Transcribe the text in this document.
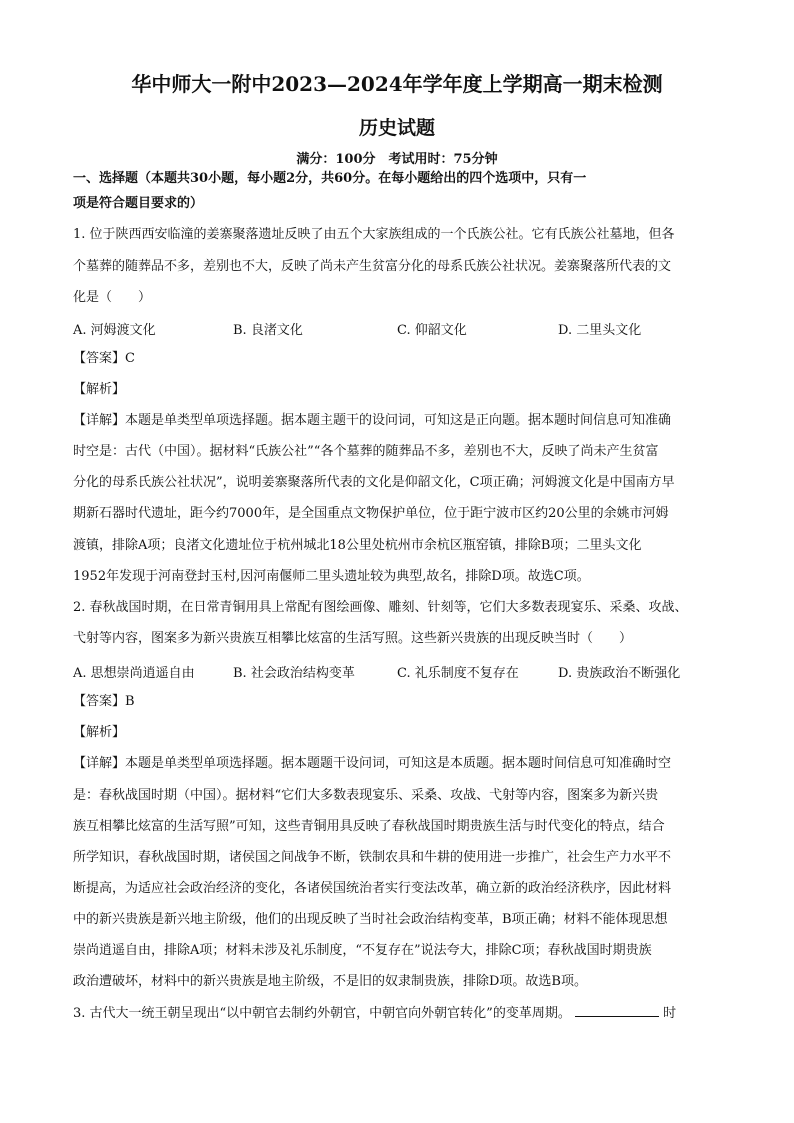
华中师大一附中2023—2024年学年度上学期高一期末检测
历史试题
满分：100分　考试用时：75分钟
一、选择题（本题共30小题，每小题2分，共60分。在每小题给出的四个选项中，只有一
项是符合题目要求的）
1. 位于陕西西安临潼的姜寨聚落遗址反映了由五个大家族组成的一个氏族公社。它有氏族公社墓地，但各
个墓葬的随葬品不多，差别也不大，反映了尚未产生贫富分化的母系氏族公社状况。姜寨聚落所代表的文
化是（　　）
A. 河姆渡文化	B. 良渚文化	C. 仰韶文化	D. 二里头文化
【答案】C
【解析】
【详解】本题是单类型单项选择题。据本题主题干的设问词，可知这是正向题。据本题时间信息可知准确
时空是：古代（中国）。据材料“氏族公社”“各个墓葬的随葬品不多，差别也不大，反映了尚未产生贫富
分化的母系氏族公社状况”，说明姜寨聚落所代表的文化是仰韶文化，C项正确；河姆渡文化是中国南方早
期新石器时代遗址，距今约7000年，是全国重点文物保护单位，位于距宁波市区约20公里的余姚市河姆
渡镇，排除A项；良渚文化遗址位于杭州城北18公里处杭州市余杭区瓶窑镇，排除B项；二里头文化
1952年发现于河南登封玉村,因河南偃师二里头遗址较为典型,故名，排除D项。故选C项。
2. 春秋战国时期，在日常青铜用具上常配有图绘画像、雕刻、针刻等，它们大多数表现宴乐、采桑、攻战、
弋射等内容，图案多为新兴贵族互相攀比炫富的生活写照。这些新兴贵族的出现反映当时（　　）
A. 思想崇尚逍遥自由	B. 社会政治结构变革	C. 礼乐制度不复存在	D. 贵族政治不断强化
【答案】B
【解析】
【详解】本题是单类型单项选择题。据本题题干设问词，可知这是本质题。据本题时间信息可知准确时空
是：春秋战国时期（中国）。据材料“它们大多数表现宴乐、采桑、攻战、弋射等内容，图案多为新兴贵
族互相攀比炫富的生活写照”可知，这些青铜用具反映了春秋战国时期贵族生活与时代变化的特点，结合
所学知识，春秋战国时期，诸侯国之间战争不断，铁制农具和牛耕的使用进一步推广，社会生产力水平不
断提高，为适应社会政治经济的变化，各诸侯国统治者实行变法改革，确立新的政治经济秩序，因此材料
中的新兴贵族是新兴地主阶级，他们的出现反映了当时社会政治结构变革，B项正确；材料不能体现思想
崇尚逍遥自由，排除A项；材料未涉及礼乐制度，“不复存在”说法夸大，排除C项；春秋战国时期贵族
政治遭破坏，材料中的新兴贵族是地主阶级，不是旧的奴隶制贵族，排除D项。故选B项。
3. 古代大一统王朝呈现出“以中朝官去制约外朝官，中朝官向外朝官转化”的变革周期。	时
